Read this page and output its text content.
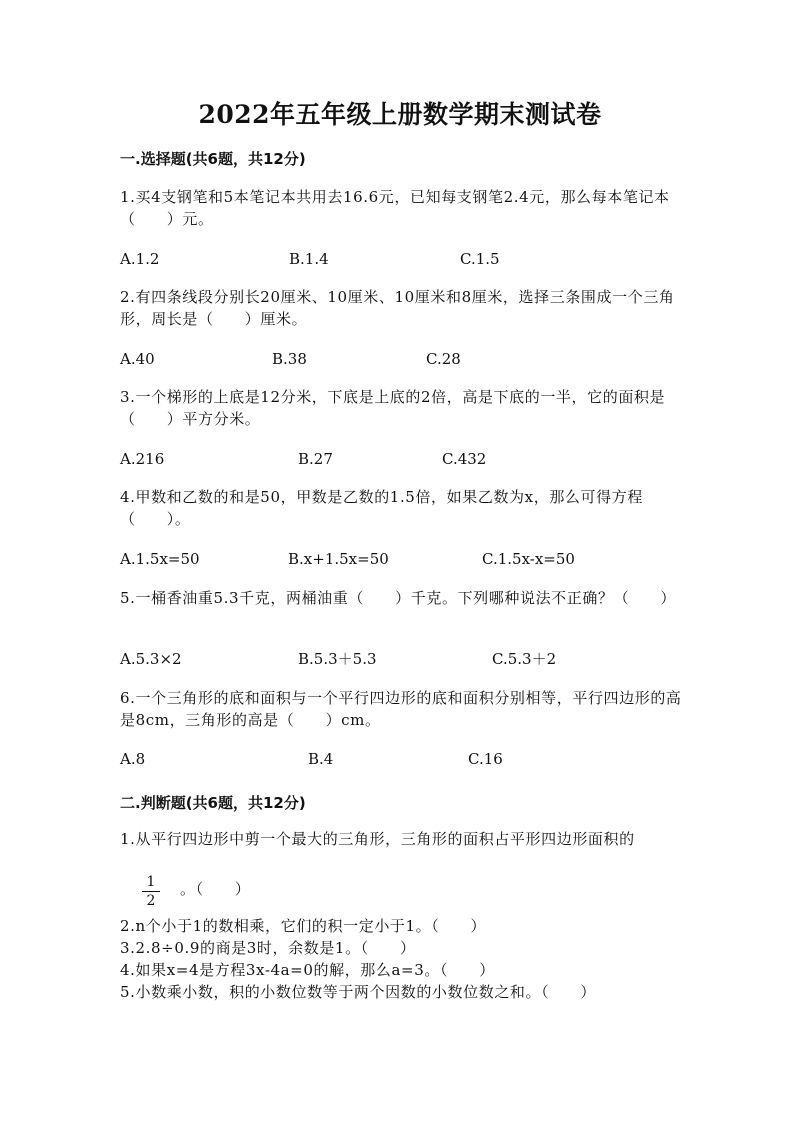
2022年五年级上册数学期末测试卷
一.选择题(共6题，共12分)
1.买4支钢笔和5本笔记本共用去16.6元，已知每支钢笔2.4元，那么每本笔记本（　　）元。
A.1.2	B.1.4	C.1.5
2.有四条线段分别长20厘米、10厘米、10厘米和8厘米，选择三条围成一个三角形，周长是（　　）厘米。
A.40	B.38	C.28
3.一个梯形的上底是12分米，下底是上底的2倍，高是下底的一半，它的面积是（　　）平方分米。
A.216	B.27	C.432
4.甲数和乙数的和是50，甲数是乙数的1.5倍，如果乙数为x，那么可得方程（　　）。
A.1.5x=50	B.x+1.5x=50	C.1.5x-x=50
5.一桶香油重5.3千克，两桶油重（　　）千克。下列哪种说法不正确？（　　）
A.5.3×2	B.5.3＋5.3	C.5.3＋2
6.一个三角形的底和面积与一个平行四边形的底和面积分别相等，平行四边形的高是8cm，三角形的高是（　　）cm。
A.8	B.4	C.16
二.判断题(共6题，共12分)
1.从平行四边形中剪一个最大的三角形，三角形的面积占平形四边形面积的
1
2
。（　　）
2.n个小于1的数相乘，它们的积一定小于1。（　　）
3.2.8÷0.9的商是3时，余数是1。（　　）
4.如果x=4是方程3x-4a=0的解，那么a=3。（　　）
5.小数乘小数，积的小数位数等于两个因数的小数位数之和。（　　）
